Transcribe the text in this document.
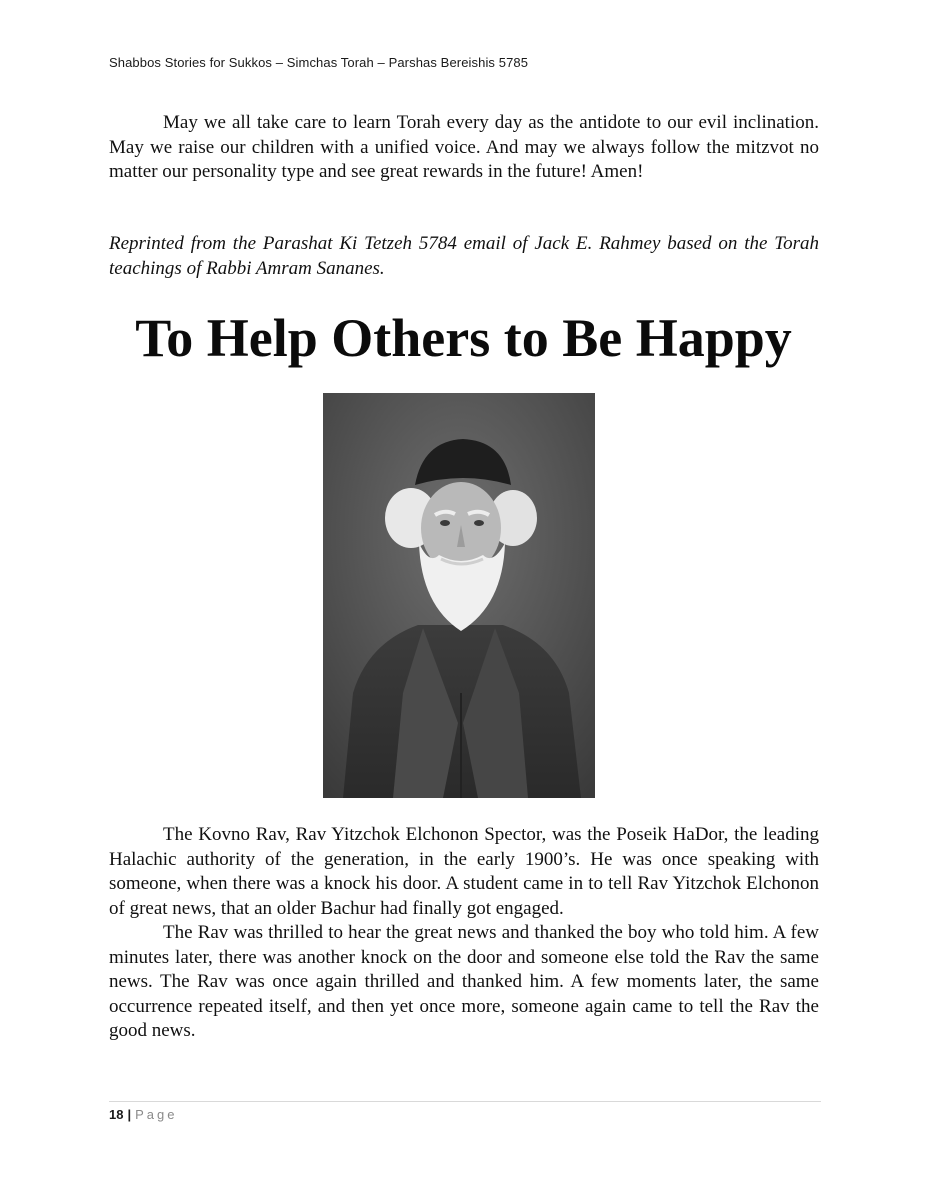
Shabbos Stories for Sukkos – Simchas Torah – Parshas Bereishis 5785

May we all take care to learn Torah every day as the antidote to our evil inclination. May we raise our children with a unified voice. And may we always follow the mitzvot no matter our personality type and see great rewards in the future! Amen!

Reprinted from the Parashat Ki Tetzeh 5784 email of Jack E. Rahmey based on the Torah teachings of Rabbi Amram Sananes.

To Help Others to Be Happy

The Kovno Rav, Rav Yitzchok Elchonon Spector, was the Poseik HaDor, the leading Halachic authority of the generation, in the early 1900’s. He was once speaking with someone, when there was a knock his door. A student came in to tell Rav Yitzchok Elchonon of great news, that an older Bachur had finally got engaged.
The Rav was thrilled to hear the great news and thanked the boy who told him. A few minutes later, there was another knock on the door and someone else told the Rav the same news. The Rav was once again thrilled and thanked him. A few moments later, the same occurrence repeated itself, and then yet once more, someone again came to tell the Rav the good news.

18 | Page
